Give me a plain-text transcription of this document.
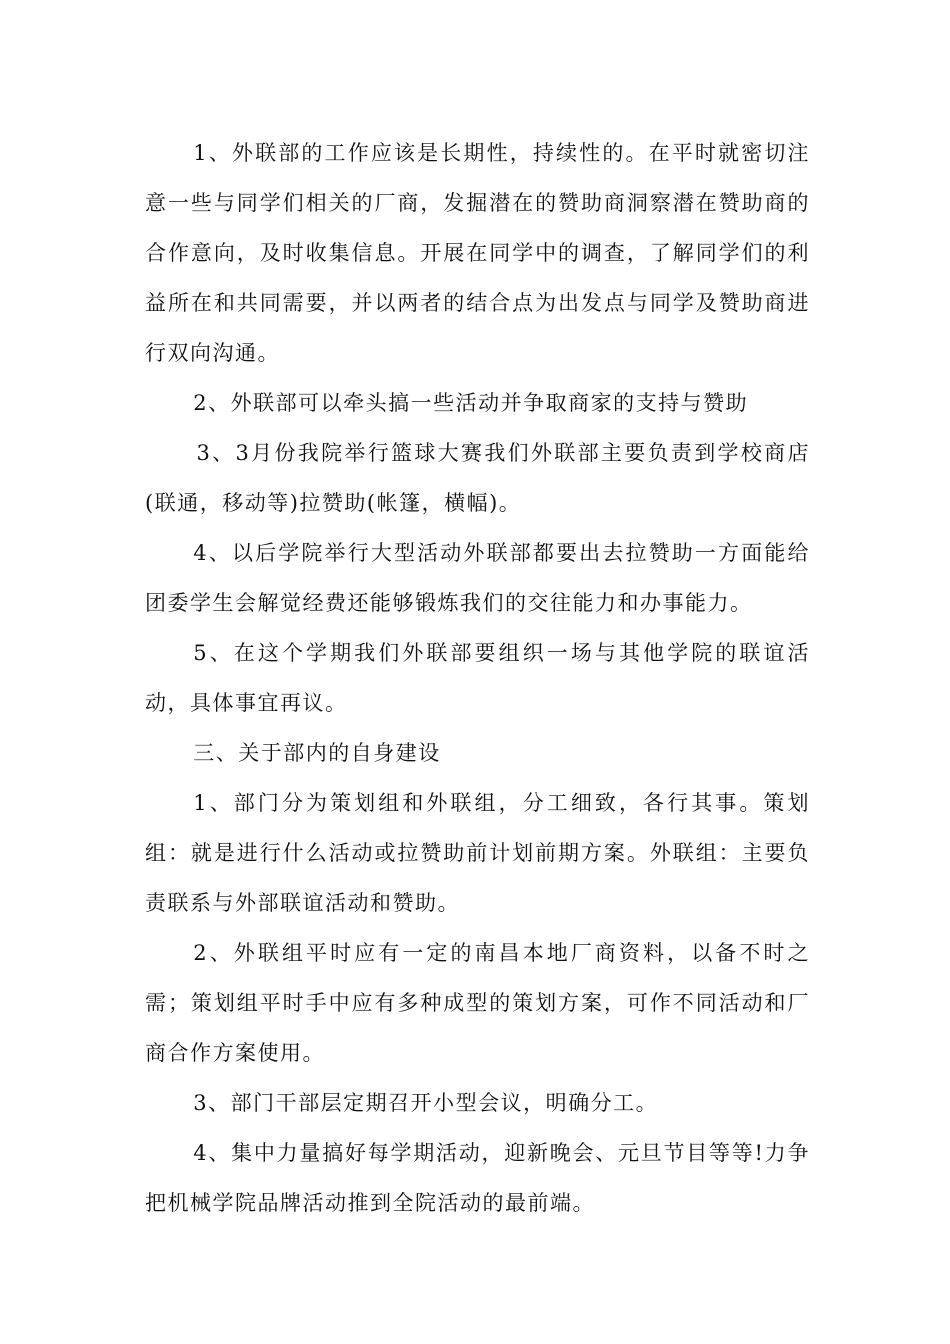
1、外联部的工作应该是长期性，持续性的。在平时就密切注意一些与同学们相关的厂商，发掘潜在的赞助商洞察潜在赞助商的合作意向，及时收集信息。开展在同学中的调查，了解同学们的利益所在和共同需要，并以两者的结合点为出发点与同学及赞助商进行双向沟通。

2、外联部可以牵头搞一些活动并争取商家的支持与赞助

3、3月份我院举行篮球大赛我们外联部主要负责到学校商店(联通，移动等)拉赞助(帐篷，横幅)。

4、以后学院举行大型活动外联部都要出去拉赞助一方面能给团委学生会解觉经费还能够锻炼我们的交往能力和办事能力。

5、在这个学期我们外联部要组织一场与其他学院的联谊活动，具体事宜再议。

三、关于部内的自身建设

1、部门分为策划组和外联组，分工细致，各行其事。策划组：就是进行什么活动或拉赞助前计划前期方案。外联组：主要负责联系与外部联谊活动和赞助。

2、外联组平时应有一定的南昌本地厂商资料，以备不时之需；策划组平时手中应有多种成型的策划方案，可作不同活动和厂商合作方案使用。

3、部门干部层定期召开小型会议，明确分工。

4、集中力量搞好每学期活动，迎新晚会、元旦节目等等!力争把机械学院品牌活动推到全院活动的最前端。
